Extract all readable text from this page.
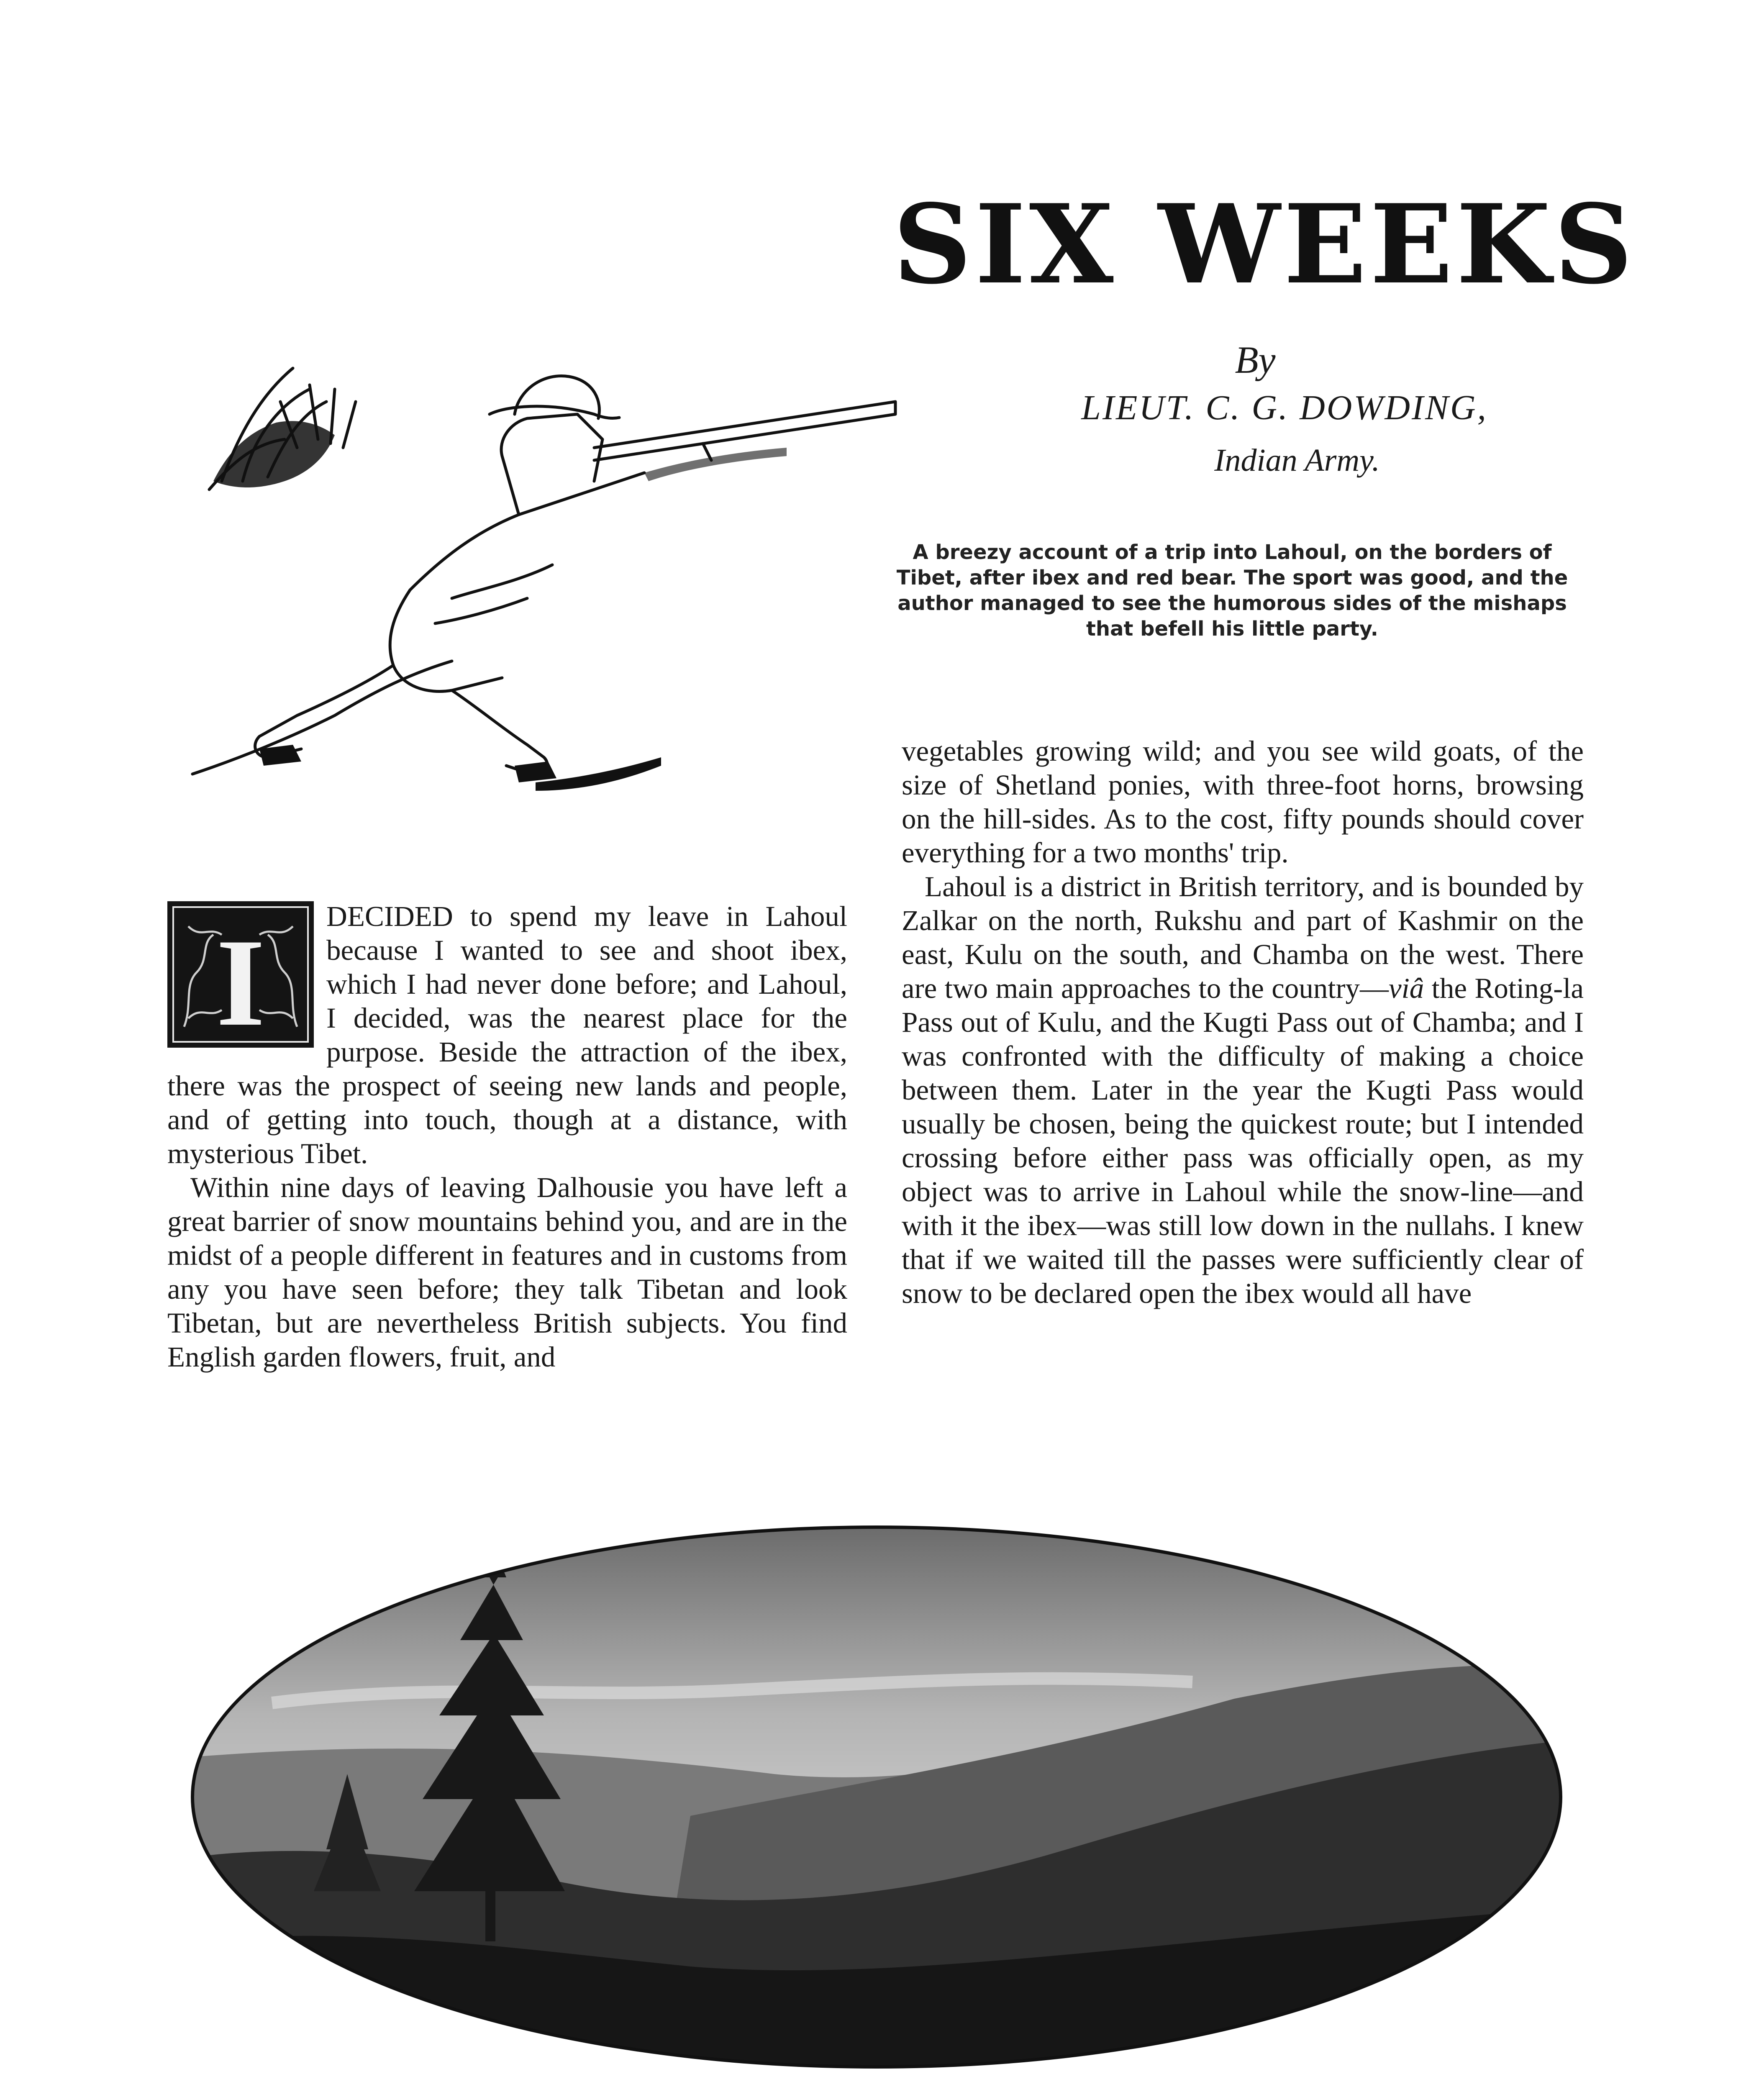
SIX WEEKS

By

LIEUT. C. G. DOWDING,

Indian Army.

A breezy account of a trip into Lahoul, on the borders of Tibet, after ibex and red bear. The sport was good, and the author managed to see the humorous sides of the mishaps that befell his little party.

I	DECIDED to spend my leave in Lahoul because I wanted to see and shoot ibex, which I had never done before; and Lahoul, I decided, was the nearest place for the purpose. Beside the attraction of the ibex, there was the prospect of seeing new lands and people, and of getting into touch, though at a distance, with mysterious Tibet.

Within nine days of leaving Dalhousie you have left a great barrier of snow mountains behind you, and are in the midst of a people different in features and in customs from any you have seen before; they talk Tibetan and look Tibetan, but are nevertheless British subjects. You find English garden flowers, fruit, and

vegetables growing wild; and you see wild goats, of the size of Shetland ponies, with three-foot horns, browsing on the hill-sides. As to the cost, fifty pounds should cover everything for a two months' trip.

Lahoul is a district in British territory, and is bounded by Zalkar on the north, Rukshu and part of Kashmir on the east, Kulu on the south, and Chamba on the west. There are two main approaches to the country—viâ the Roting-la Pass out of Kulu, and the Kugti Pass out of Chamba; and I was confronted with the difficulty of making a choice between them. Later in the year the Kugti Pass would usually be chosen, being the quickest route; but I intended crossing before either pass was officially open, as my object was to arrive in Lahoul while the snow-line—and with it the ibex—was still low down in the nullahs. I knew that if we waited till the passes were sufficiently clear of snow to be declared open the ibex would all have
